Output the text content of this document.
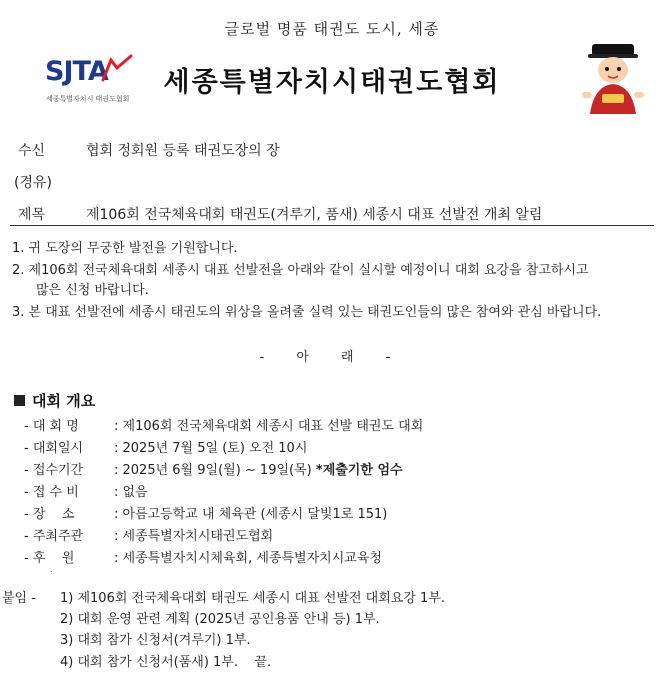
글로벌 명품 태권도 도시, 세종
SJTA
세종특별자치시 태권도협회
세종특별자치시태권도협회
수신	협회 정회원 등록 태권도장의 장
(경유)
제목	제106회 전국체육대회 태권도(겨루기, 품새) 세종시 대표 선발전 개최 알림
1. 귀 도장의 무궁한 발전을 기원합니다.
2. 제106회 전국체육대회 세종시 대표 선발전을 아래와 같이 실시할 예정이니 대회 요강을 참고하시고
많은 신청 바랍니다.
3. 본 대표 선발전에 세종시 태권도의 위상을 올려줄 실력 있는 태권도인들의 많은 참여와 관심 바랍니다.
- 아 래 -
대회 개요
- 대 회 명	: 제106회 전국체육대회 세종시 대표 선발 태권도 대회
- 대회일시 : 2025년 7월 5일 (토) 오전 10시
- 접수기간 : 2025년 6월 9일(월) ~ 19일(목) *제출기한 엄수
- 접 수 비	: 없음
- 장    소	: 아름고등학교 내 체육관 (세종시 달빛1로 151)
- 주최주관 : 세종특별자치시태권도협회
- 후    원	: 세종특별자치시체육회, 세종특별자치시교육청
.
붙임 - 1) 제106회 전국체육대회 태권도 세종시 대표 선발전 대회요강 1부.
2) 대회 운영 관련 계획 (2025년 공인용품 안내 등) 1부.
3) 대회 참가 신청서(겨루기) 1부.
4) 대회 참가 신청서(품새) 1부.    끝.
